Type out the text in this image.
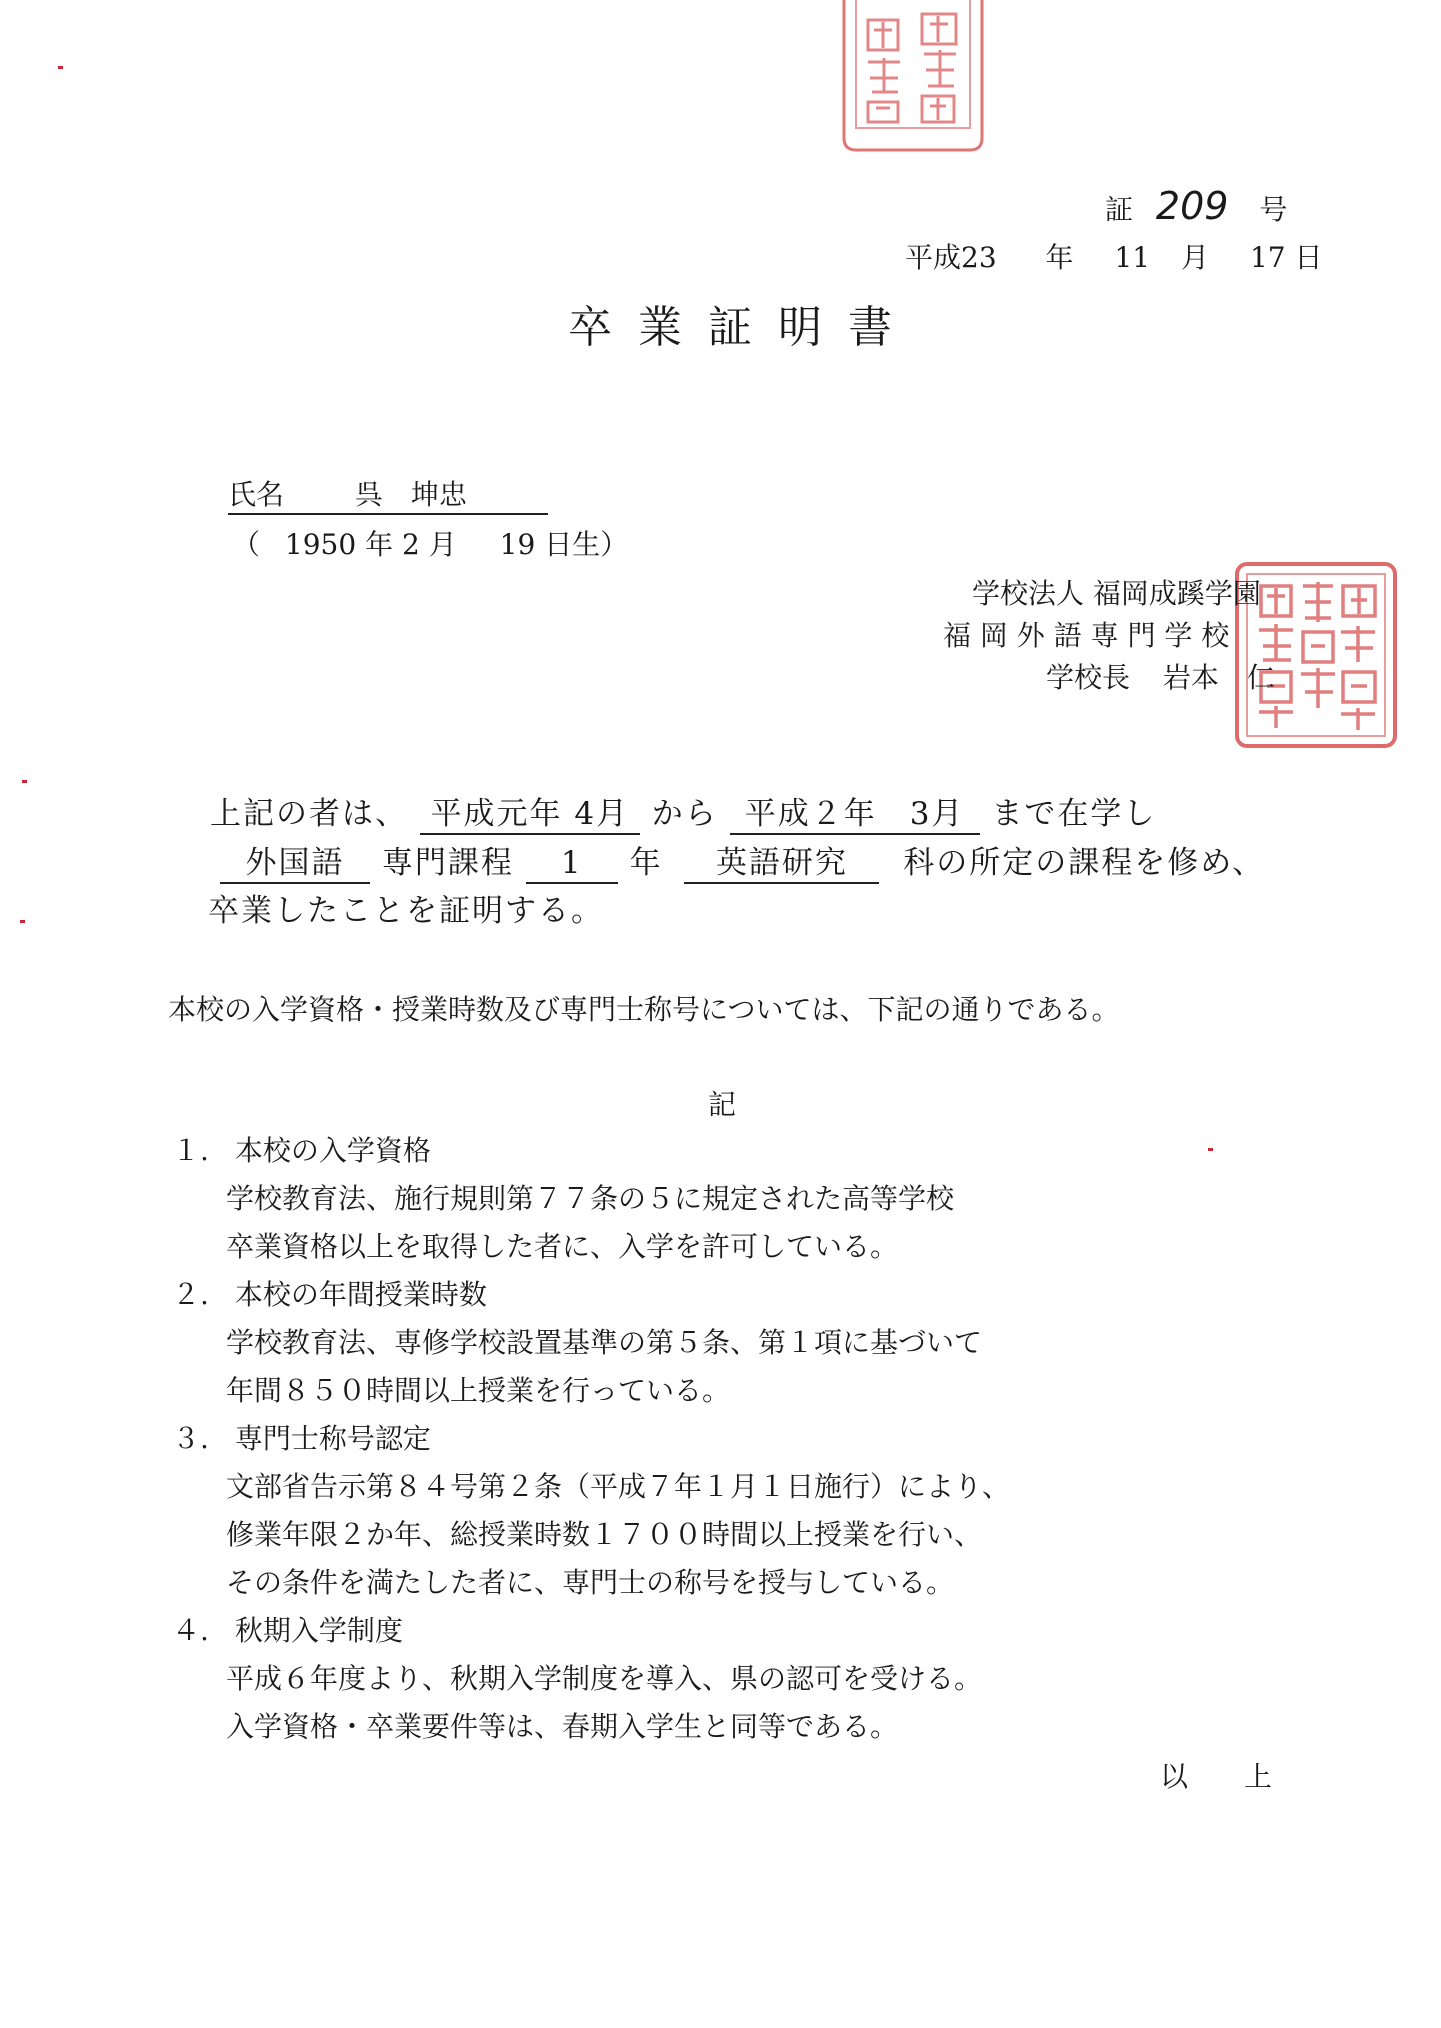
証 209 号
平成23 年 11 月 17 日
卒 業 証 明 書
氏名	呉　坤忠
（ 1950 年 2 月 19 日生）
学校法人 福岡成蹊学園
福 岡 外 語 専 門 学 校
学校長 岩本　仁
上記の者は、 平成元年 4月 から 平成２年　3月 まで在学し
外国語 専門課程 1 年 英語研究 科の所定の課程を修め、
卒業したことを証明する。
本校の入学資格・授業時数及び専門士称号については、下記の通りである。
記
１. 本校の入学資格
学校教育法、施行規則第７７条の５に規定された高等学校
卒業資格以上を取得した者に、入学を許可している。
２. 本校の年間授業時数
学校教育法、専修学校設置基準の第５条、第１項に基づいて
年間８５０時間以上授業を行っている。
３. 専門士称号認定
文部省告示第８４号第２条（平成７年１月１日施行）により、
修業年限２か年、総授業時数１７００時間以上授業を行い、
その条件を満たした者に、専門士の称号を授与している。
４. 秋期入学制度
平成６年度より、秋期入学制度を導入、県の認可を受ける。
入学資格・卒業要件等は、春期入学生と同等である。
以　　上
